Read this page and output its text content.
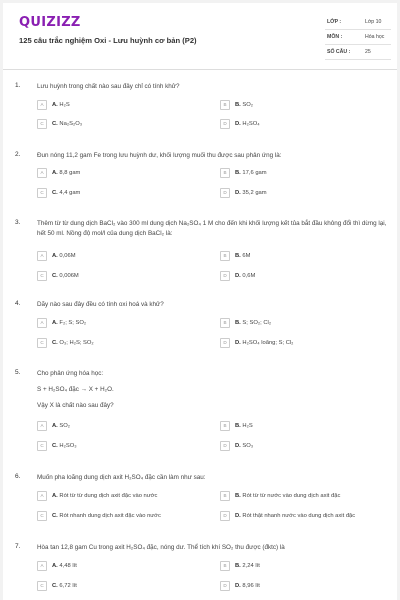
QUIZIZZ
125 câu trắc nghiệm Oxi - Lưu huỳnh cơ bản (P2)
LỚP :	Lớp 10
MÔN :	Hóa học
SỐ CÂU :	25
1.	Lưu huỳnh trong chất nào sau đây chỉ có tính khử?
A	A. H₂S	B	B. SO₂
C	C. Na₂S₂O₃	D	D. H₂SO₄
2.	Đun nóng 11,2 gam Fe trong lưu huỳnh dư, khối lượng muối thu được sau phản ứng là:
A	A. 8,8 gam	B	B. 17,6 gam
C	C. 4,4 gam	D	D. 35,2 gam
3.	Thêm từ từ dung dịch BaCl₂ vào 300 ml dung dịch Na₂SO₄ 1 M cho đến khi khối lượng kết tủa bắt đầu không đổi thì dừng lại, hết 50 ml. Nồng độ mol/l của dung dịch BaCl₂ là:
A	A. 0,06M	B	B. 6M
C	C. 0,006M	D	D. 0,6M
4.	Dãy nào sau đây đều có tính oxi hoá và khử?
A	A. F₂; S; SO₂	B	B. S; SO₂; Cl₂
C	C. O₃; H₂S; SO₂	D	D. H₂SO₄ loãng; S; Cl₂
5.	Cho phản ứng hóa học:
S + H₂SO₄ đặc → X + H₂O.
Vậy X là chất nào sau đây?
A	A. SO₂	B	B. H₂S
C	C. H₂SO₃	D	D. SO₃
6.	Muốn pha loãng dung dịch axit H₂SO₄ đặc cần làm như sau:
A	A. Rót từ từ dung dịch axit đặc vào nước	B	B. Rót từ từ nước vào dung dịch axit đặc
C	C. Rót nhanh dung dịch axit đặc vào nước	D	D. Rót thật nhanh nước vào dung dịch axit đặc
7.	Hòa tan 12,8 gam Cu trong axit H₂SO₄ đặc, nóng dư. Thể tích khí SO₂ thu được (đktc) là
A	A. 4,48 lít	B	B. 2,24 lít
C	C. 6,72 lít	D	D. 8,96 lít
